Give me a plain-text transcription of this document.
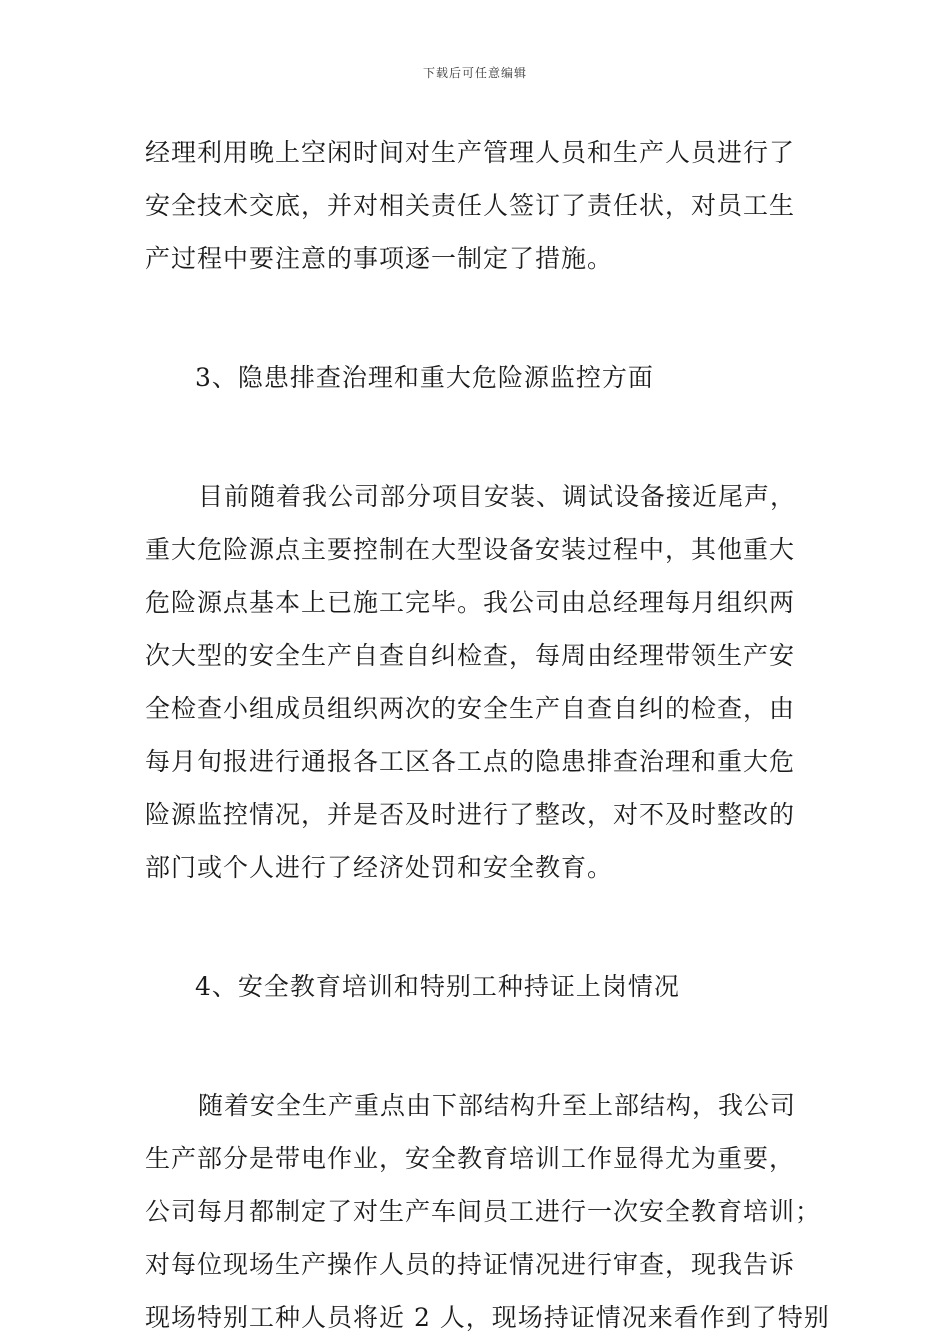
下载后可任意编辑

经理利用晚上空闲时间对生产管理人员和生产人员进行了
安全技术交底，并对相关责任人签订了责任状，对员工生
产过程中要注意的事项逐一制定了措施。

3、隐患排查治理和重大危险源监控方面

目前随着我公司部分项目安装、调试设备接近尾声，
重大危险源点主要控制在大型设备安装过程中，其他重大
危险源点基本上已施工完毕。我公司由总经理每月组织两
次大型的安全生产自查自纠检查，每周由经理带领生产安
全检查小组成员组织两次的安全生产自查自纠的检查，由
每月旬报进行通报各工区各工点的隐患排查治理和重大危
险源监控情况，并是否及时进行了整改，对不及时整改的
部门或个人进行了经济处罚和安全教育。

4、安全教育培训和特别工种持证上岗情况

随着安全生产重点由下部结构升至上部结构，我公司
生产部分是带电作业，安全教育培训工作显得尤为重要，
公司每月都制定了对生产车间员工进行一次安全教育培训；
对每位现场生产操作人员的持证情况进行审查，现我告诉
现场特别工种人员将近 2 人，现场持证情况来看作到了特别
